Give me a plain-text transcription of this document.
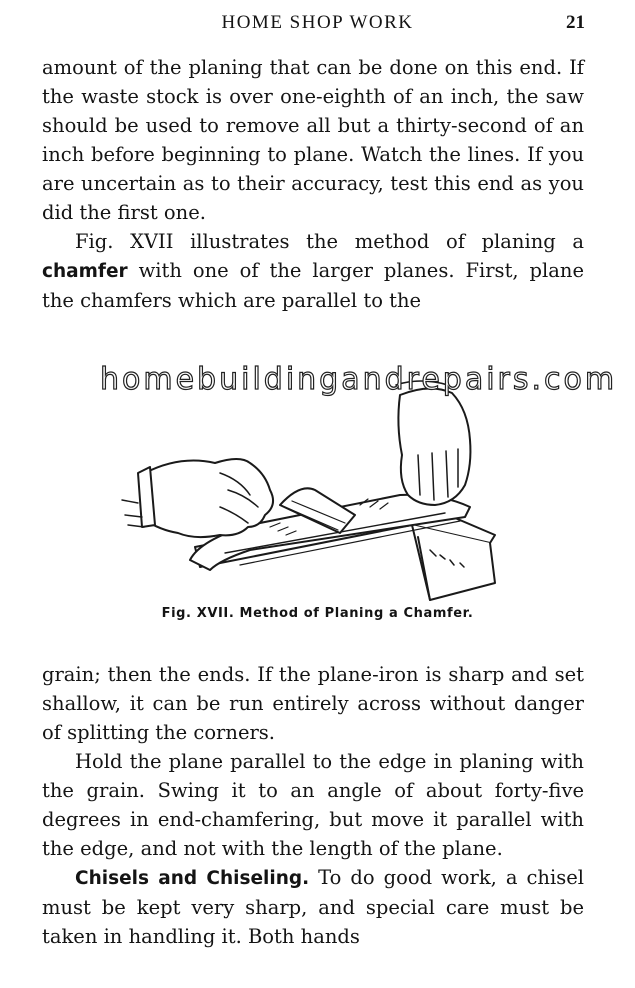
HOME SHOP WORK	21

amount of the planing that can be done on this end. If the waste stock is over one-eighth of an inch, the saw should be used to remove all but a thirty-second of an inch before beginning to plane. Watch the lines. If you are uncertain as to their accuracy, test this end as you did the first one.

Fig. XVII illustrates the method of planing a chamfer with one of the larger planes. First, plane the chamfers which are parallel to the

homebuildingandrepairs.com
Fig. XVII. Method of Planing a Chamfer.

grain; then the ends. If the plane-iron is sharp and set shallow, it can be run entirely across without danger of splitting the corners.

Hold the plane parallel to the edge in planing with the grain. Swing it to an angle of about forty-five degrees in end-chamfering, but move it parallel with the edge, and not with the length of the plane.

Chisels and Chiseling. To do good work, a chisel must be kept very sharp, and special care must be taken in handling it. Both hands
